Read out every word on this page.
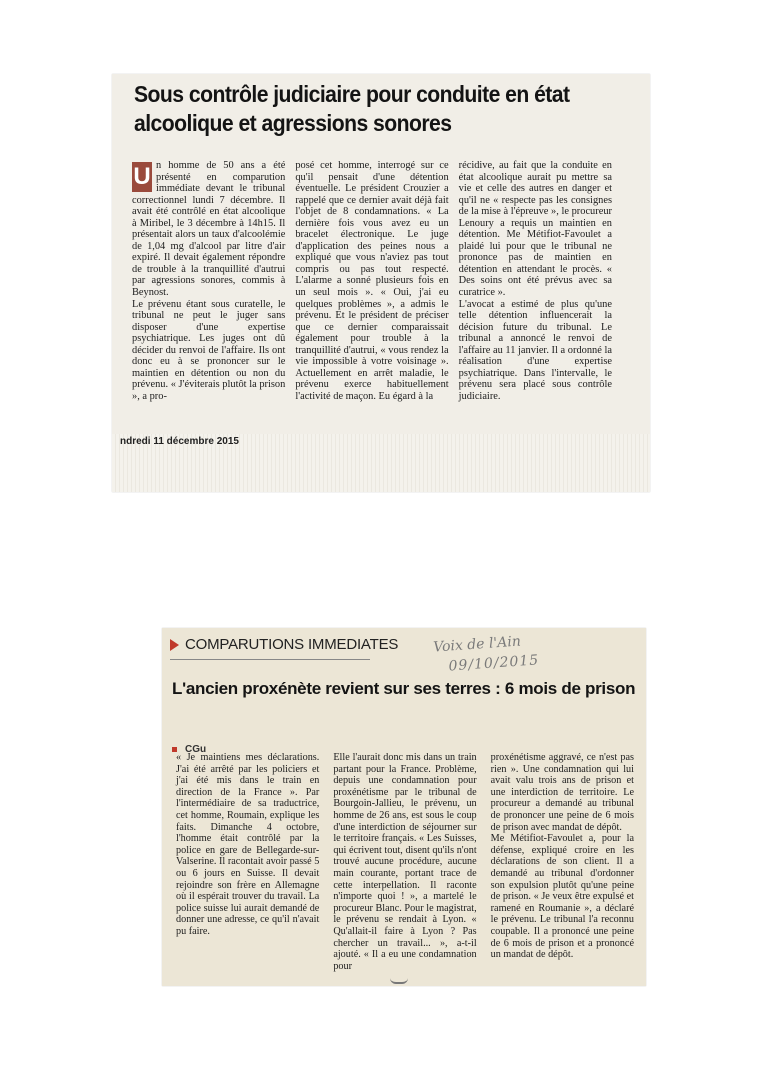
Sous contrôle judiciaire pour conduite en état alcoolique et agressions sonores
U n homme de 50 ans a été présenté en comparution immédiate devant le tribunal correctionnel lundi 7 décembre. Il avait été contrôlé en état alcoolique à Miribel, le 3 décembre à 14h15. Il présentait alors un taux d'alcoolémie de 1,04 mg d'alcool par litre d'air expiré. Il devait également répondre de trouble à la tranquillité d'autrui par agressions sonores, commis à Beynost.

Le prévenu étant sous curatelle, le tribunal ne peut le juger sans disposer d'une expertise psychiatrique. Les juges ont dû décider du renvoi de l'affaire. Ils ont donc eu à se prononcer sur le maintien en détention ou non du prévenu. « J'éviterais plutôt la prison », a pro-

posé cet homme, interrogé sur ce qu'il pensait d'une détention éventuelle. Le président Crouzier a rappelé que ce dernier avait déjà fait l'objet de 8 condamnations. « La dernière fois vous avez eu un bracelet électronique. Le juge d'application des peines nous a expliqué que vous n'aviez pas tout compris ou pas tout respecté. L'alarme a sonné plusieurs fois en un seul mois ». « Oui, j'ai eu quelques problèmes », a admis le prévenu. Et le président de préciser que ce dernier comparaissait également pour trouble à la tranquillité d'autrui, « vous rendez la vie impossible à votre voisinage ». Actuellement en arrêt maladie, le prévenu exerce habituellement l'activité de maçon. Eu égard à la

récidive, au fait que la conduite en état alcoolique aurait pu mettre sa vie et celle des autres en danger et qu'il ne « respecte pas les consignes de la mise à l'épreuve », le procureur Lenoury a requis un maintien en détention. Me Métifiot-Favoulet a plaidé lui pour que le tribunal ne prononce pas de maintien en détention en attendant le procès. « Des soins ont été prévus avec sa curatrice ».

L'avocat a estimé de plus qu'une telle détention influencerait la décision future du tribunal. Le tribunal a annoncé le renvoi de l'affaire au 11 janvier. Il a ordonné la réalisation d'une expertise psychiatrique. Dans l'intervalle, le prévenu sera placé sous contrôle judiciaire.

ndredi 11 décembre 2015
COMPARUTIONS IMMEDIATES Voix de l'Ain
09/10/2015
L'ancien proxénète revient sur ses terres : 6 mois de prison
CGu

« Je maintiens mes déclarations. J'ai été arrêté par les policiers et j'ai été mis dans le train en direction de la France ». Par l'intermédiaire de sa traductrice, cet homme, Roumain, explique les faits. Dimanche 4 octobre, l'homme était contrôlé par la police en gare de Bellegarde-sur-Valserine. Il racontait avoir passé 5 ou 6 jours en Suisse. Il devait rejoindre son frère en Allemagne où il espérait trouver du travail. La police suisse lui aurait demandé de donner une adresse, ce qu'il n'avait pu faire.

Elle l'aurait donc mis dans un train partant pour la France. Problème, depuis une condamnation pour proxénétisme par le tribunal de Bourgoin-Jallieu, le prévenu, un homme de 26 ans, est sous le coup d'une interdiction de séjourner sur le territoire français. « Les Suisses, qui écrivent tout, disent qu'ils n'ont trouvé aucune procédure, aucune main courante, portant trace de cette interpellation. Il raconte n'importe quoi ! », a martelé le procureur Blanc. Pour le magistrat, le prévenu se rendait à Lyon. « Qu'allait-il faire à Lyon ? Pas chercher un travail... », a-t-il ajouté. « Il a eu une condamnation pour

proxénétisme aggravé, ce n'est pas rien ». Une condamnation qui lui avait valu trois ans de prison et une interdiction de territoire. Le procureur a demandé au tribunal de prononcer une peine de 6 mois de prison avec mandat de dépôt.

Me Métifiot-Favoulet a, pour la défense, expliqué croire en les déclarations de son client. Il a demandé au tribunal d'ordonner son expulsion plutôt qu'une peine de prison. « Je veux être expulsé et ramené en Roumanie », a déclaré le prévenu. Le tribunal l'a reconnu coupable. Il a prononcé une peine de 6 mois de prison et a prononcé un mandat de dépôt.
